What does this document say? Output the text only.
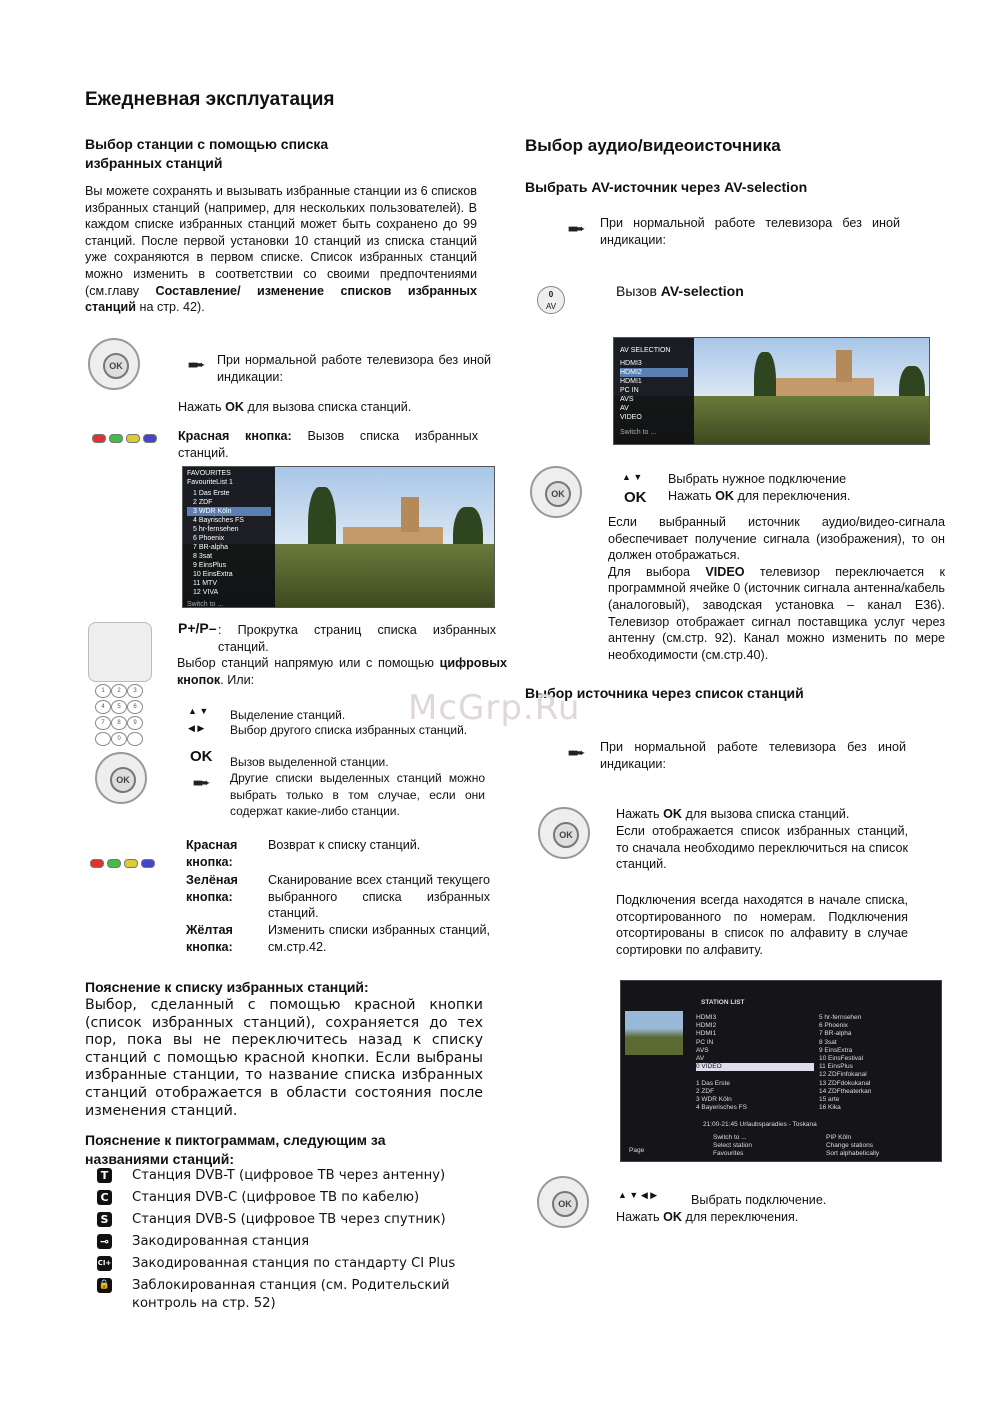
Ежедневная эксплуатация
Выбор станции с помощью списка избранных станций
Вы можете сохранять и вызывать избранные станции из 6 списков избранных станций (например, для нескольких пользователей). В каждом списке избранных станций может быть сохранено до 99 станций. После первой установки 10 станций из списка станций уже сохраняются в первом списке. Список избранных станций можно изменить в соответствии со своими предпочтениями (см.главу Составление/ изменение списков избранных станций на стр. 42).
OK	■■➨ При нормальной работе телевизора без иной индикации:
Нажать OK для вызова списка станций.
Красная кнопка: Вызов списка избранных станций.
FAVOURITES
FavouriteList 1
1 Das Erste
2 ZDF
3 WDR Köln
4 Bayrisches FS
5 hr-fernsehen
6 Phoenix
7 BR-alpha
8 3sat
9 EinsPlus
10 EinsExtra
11 MTV
12 VIVA
Switch to ...
P+/P– : Прокрутка страниц списка избранных станций.
Выбор станций напрямую или с помощью цифровых кнопок. Или:
1	2	3
4	5	6
7	8	9
0
▲ ▼
◀ ▶
Выделение станций.
Выбор другого списка избранных станций.
OK
OK Вызов выделенной станции.
■■➨ Другие списки выделенных станций можно выбрать только в том случае, если они содержат какие-либо станции.
Красная кнопка:
Возврат к списку станций.
Зелёная кнопка:
Сканирование всех станций текущего выбранного списка избранных станций.
Жёлтая кнопка:
Изменить списки избранных станций, см.стр.42.
Пояснение к списку избранных станций:
Выбор, сделанный с помощью красной кнопки (список избранных станций), сохраняется до тех пор, пока вы не переключитесь назад к списку станций с помощью красной кнопки. Если выбраны избранные станции, то название списка избранных станций отображается в области состояния после изменения станций.
Пояснение к пиктограммам, следующим за названиями станций:
T Станция DVB-T (цифровое ТВ через антенну)
C Станция DVB-C (цифровое ТВ по кабелю)
S Станция DVB-S (цифровое ТВ через спутник)
⊸ Закодированная станция
CI+ Закодированная станция по стандарту CI Plus
🔒 Заблокированная станция (см. Родительский контроль на стр. 52)
Выбор аудио/видеоисточника
Выбрать AV-источник через AV-selection
■■➨ При нормальной работе телевизора без иной индикации:
0
AV
Вызов AV-selection
AV SELECTION
HDMI3
HDMI2
HDMI1
PC IN
AVS
AV
VIDEO
Switch to ...
OK
▲ ▼ Выбрать нужное подключение
OK Нажать OK для переключения.
Если выбранный источник аудио/видео-сигнала обеспечивает получение сигнала (изображения), то он должен отображаться.
Для выбора VIDEO телевизор переключается к программной ячейке 0 (источник сигнала антенна/кабель (аналоговый), заводская установка – канал E36). Телевизор отображает сигнал поставщика услуг через антенну (см.стр. 92). Канал можно изменить по мере необходимости (см.стр.40).
Выбор источника через список станций
■■➨ При нормальной работе телевизора без иной индикации:
OK
Нажать OK для вызова списка станций.
Если отображается список избранных станций, то сначала необходимо переключиться на список станций.
Подключения всегда находятся в начале списка, отсортированного по номерам. Подключения отсортированы в список по алфавиту в случае сортировки по алфавиту.
STATION LIST
HDMI3
HDMI2
HDMI1
PC IN
AVS
AV
0 VIDEO
1 Das Erste
2 ZDF
3 WDR Köln
4 Bayerisches FS
5 hr-fernsehen
6 Phoenix
7 BR-alpha
8 3sat
9 EinsExtra
10 EinsFestival
11 EinsPlus
12 ZDFinfokanal
13 ZDFdokukanal
14 ZDFtheaterkan
15 arte
16 Kika
21:00-21:45 Urlaubsparadies - Toskana
Switch to ...
Select station
Favourites
PIP Köln
Change stations
Sort alphabetically
Page
OK
▲ ▼ ◀ ▶	Выбрать подключение.
Нажать OK для переключения.
McGrp.Ru
